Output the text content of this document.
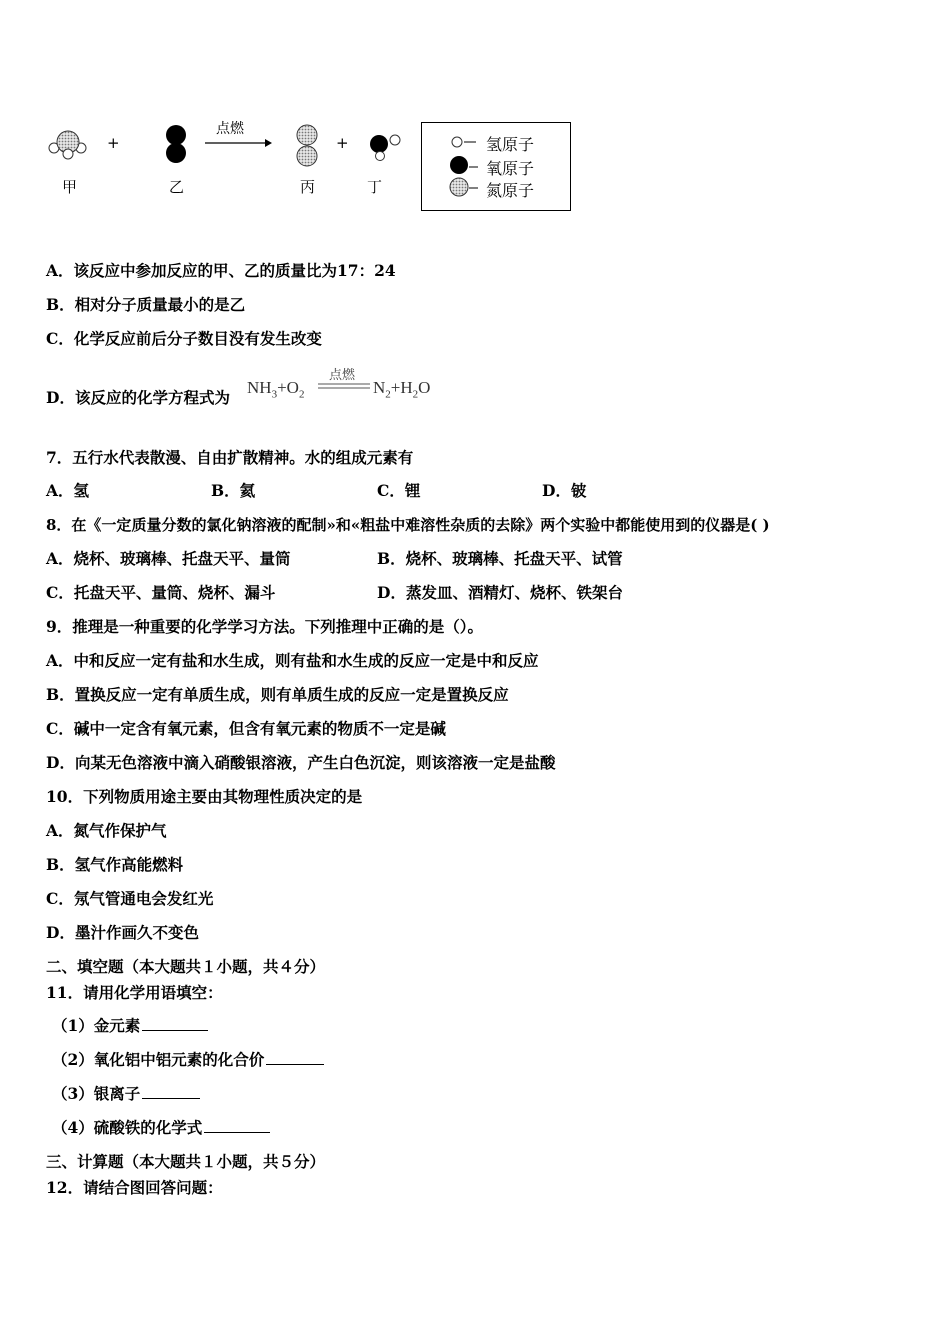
点燃
+	+
甲	乙	丙	丁
氢原子
氧原子
氮原子
A．该反应中参加反应的甲、乙的质量比为17：24
B．相对分子质量最小的是乙
C．化学反应前后分子数目没有发生改变
D．该反应的化学方程式为
$NH_3+O_2$
点燃
$N_2+H_2O$
7．五行水代表散漫、自由扩散精神。水的组成元素有
A．氢	B．氦	C．锂	D．铍
8．在《一定质量分数的氯化钠溶液的配制»和«粗盐中难溶性杂质的去除》两个实验中都能使用到的仪器是( )
A．烧杯、玻璃棒、托盘天平、量筒	B．烧杯、玻璃棒、托盘天平、试管
C．托盘天平、量筒、烧杯、漏斗	D．蒸发皿、酒精灯、烧杯、铁架台
9．推理是一种重要的化学学习方法。下列推理中正确的是（）。
A．中和反应一定有盐和水生成，则有盐和水生成的反应一定是中和反应
B．置换反应一定有单质生成，则有单质生成的反应一定是置换反应
C．碱中一定含有氧元素，但含有氧元素的物质不一定是碱
D．向某无色溶液中滴入硝酸银溶液，产生白色沉淀，则该溶液一定是盐酸
10．下列物质用途主要由其物理性质决定的是
A．氮气作保护气
B．氢气作高能燃料
C．氖气管通电会发红光
D．墨汁作画久不变色
二、填空题（本大题共１小题，共４分）
11．请用化学用语填空：
（1）金元素
（2）氧化铝中铝元素的化合价
（3）银离子
（4）硫酸铁的化学式
三、计算题（本大题共１小题，共５分）
12．请结合图回答问题：
